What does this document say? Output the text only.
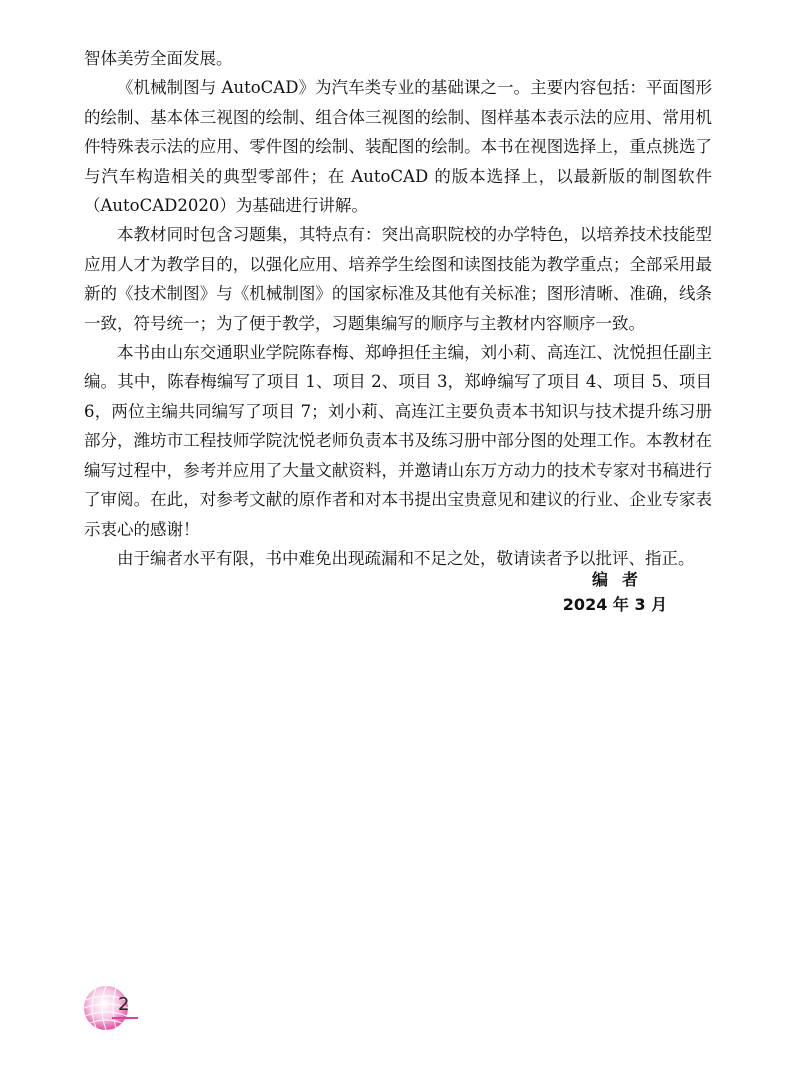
智体美劳全面发展。

《机械制图与 AutoCAD》为汽车类专业的基础课之一。主要内容包括：平面图形的绘制、基本体三视图的绘制、组合体三视图的绘制、图样基本表示法的应用、常用机件特殊表示法的应用、零件图的绘制、装配图的绘制。本书在视图选择上，重点挑选了与汽车构造相关的典型零部件；在 AutoCAD 的版本选择上，以最新版的制图软件（AutoCAD2020）为基础进行讲解。

本教材同时包含习题集，其特点有：突出高职院校的办学特色，以培养技术技能型应用人才为教学目的，以强化应用、培养学生绘图和读图技能为教学重点；全部采用最新的《技术制图》与《机械制图》的国家标准及其他有关标准；图形清晰、准确，线条一致，符号统一；为了便于教学，习题集编写的顺序与主教材内容顺序一致。

本书由山东交通职业学院陈春梅、郑峥担任主编，刘小莉、高连江、沈悦担任副主编。其中，陈春梅编写了项目 1、项目 2、项目 3，郑峥编写了项目 4、项目 5、项目 6，两位主编共同编写了项目 7；刘小莉、高连江主要负责本书知识与技术提升练习册部分，潍坊市工程技师学院沈悦老师负责本书及练习册中部分图的处理工作。本教材在编写过程中，参考并应用了大量文献资料，并邀请山东万方动力的技术专家对书稿进行了审阅。在此，对参考文献的原作者和对本书提出宝贵意见和建议的行业、企业专家表示衷心的感谢！

由于编者水平有限，书中难免出现疏漏和不足之处，敬请读者予以批评、指正。

编者
2024 年 3 月
2
